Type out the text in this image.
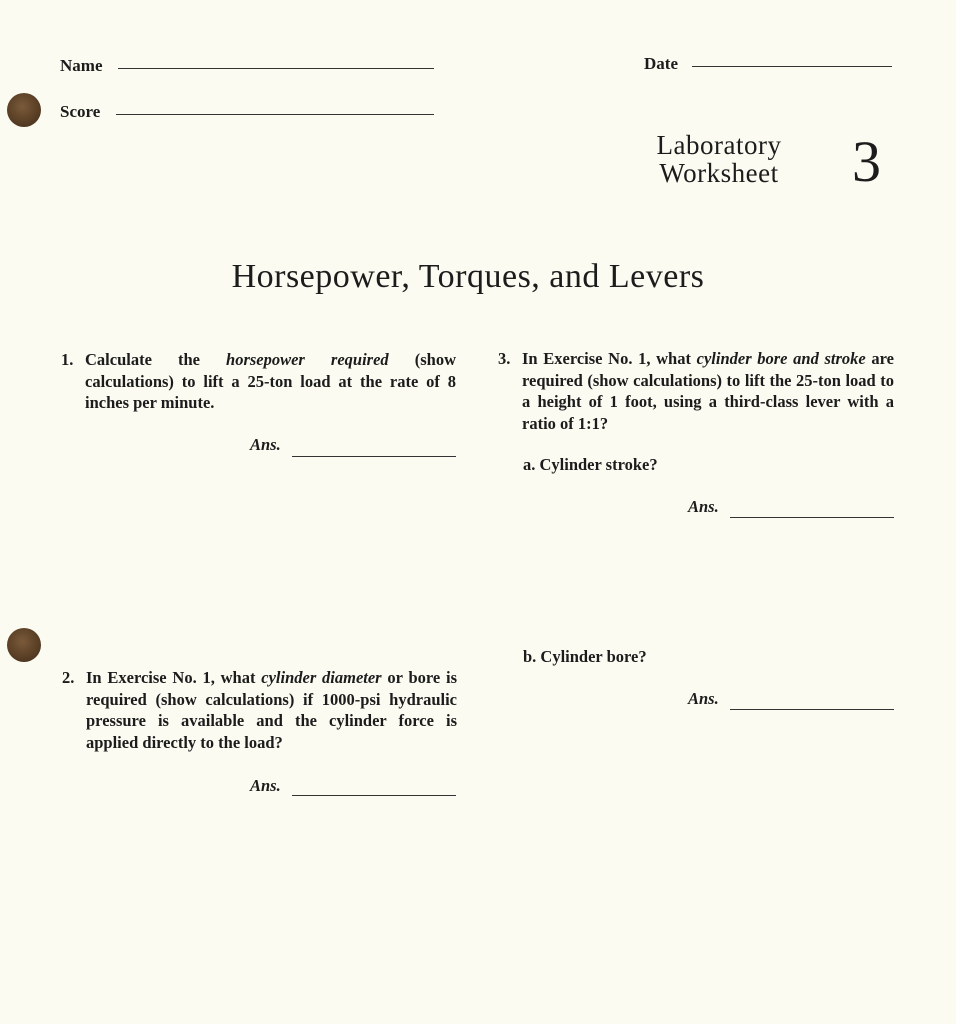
Name	Date
Score
Laboratory
Worksheet	3
Horsepower, Torques, and Levers
1. Calculate the horsepower required (show calculations) to lift a 25-ton load at the rate of 8 inches per minute.
Ans.
2. In Exercise No. 1, what cylinder diameter or bore is required (show calculations) if 1000-psi hydraulic pressure is available and the cylinder force is applied directly to the load?
Ans.
3. In Exercise No. 1, what cylinder bore and stroke are required (show calculations) to lift the 25-ton load to a height of 1 foot, using a third-class lever with a ratio of 1:1?
a. Cylinder stroke?
Ans.
b. Cylinder bore?
Ans.
